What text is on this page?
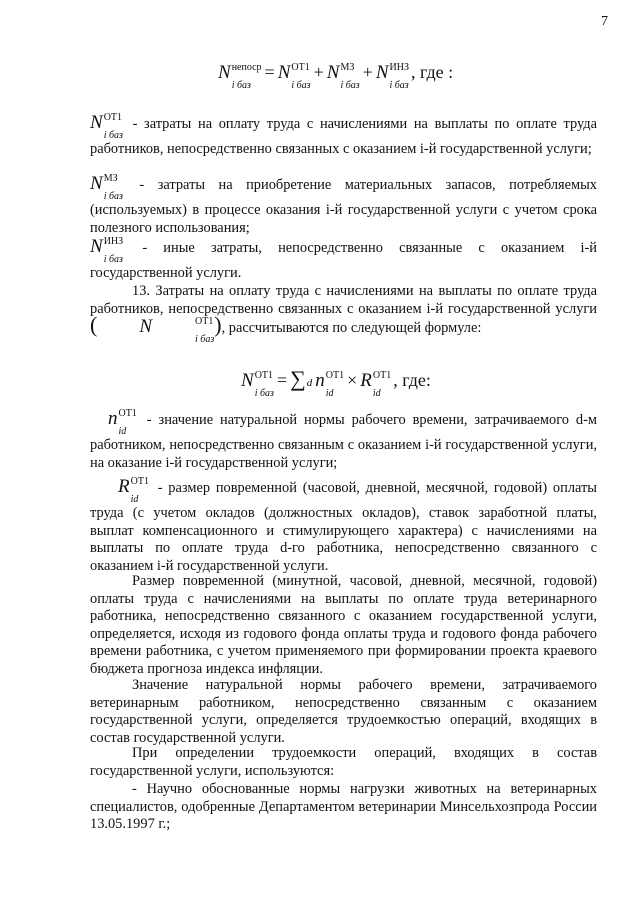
7
N непоср
i баз
= N ОТ1
i баз
+ N МЗ
i баз
+ N ИНЗ
i баз
, где :
N ОТ1
i баз
- затраты на оплату труда с начислениями на выплаты по оплате труда работников, непосредственно связанных с оказанием i-й государственной услуги;
N МЗ
i баз
- затраты на приобретение материальных запасов, потребляемых (используемых) в процессе оказания i-й государственной услуги с учетом срока полезного использования;
N ИНЗ
i баз
- иные затраты, непосредственно связанные с оказанием i-й государственной услуги.
13. Затраты на оплату труда с начислениями на выплаты по оплате труда работников, непосредственно связанных с оказанием i-й государственной услуги (	N	ОТ1
i баз
), рассчитываются по следующей формуле:
N ОТ1
i баз
= ∑ d n OT1
id
× R OT1
id
, где:
n OT1
id
- значение натуральной нормы рабочего времени, затрачиваемого d-м работником, непосредственно связанным с оказанием i-й государственной услуги, на оказание i-й государственной услуги;
R OT1
id
- размер повременной (часовой, дневной, месячной, годовой) оплаты труда (с учетом окладов (должностных окладов), ставок заработной платы, выплат компенсационного и стимулирующего характера) с начислениями на выплаты по оплате труда d-го работника, непосредственно связанного с оказанием i-й государственной услуги.
Размер повременной (минутной, часовой, дневной, месячной, годовой) оплаты труда с начислениями на выплаты по оплате труда ветеринарного работника, непосредственно связанного с оказанием государственной услуги, определяется, исходя из годового фонда оплаты труда и годового фонда рабочего времени работника, с учетом применяемого при формировании проекта краевого бюджета прогноза индекса инфляции.
Значение натуральной нормы рабочего времени, затрачиваемого ветеринарным работником, непосредственно связанным с оказанием государственной услуги, определяется трудоемкостью операций, входящих в состав государственной услуги.
При определении трудоемкости операций, входящих в состав государственной услуги, используются:
- Научно обоснованные нормы нагрузки животных на ветеринарных специалистов, одобренные Департаментом ветеринарии Минсельхозпрода России 13.05.1997 г.;
